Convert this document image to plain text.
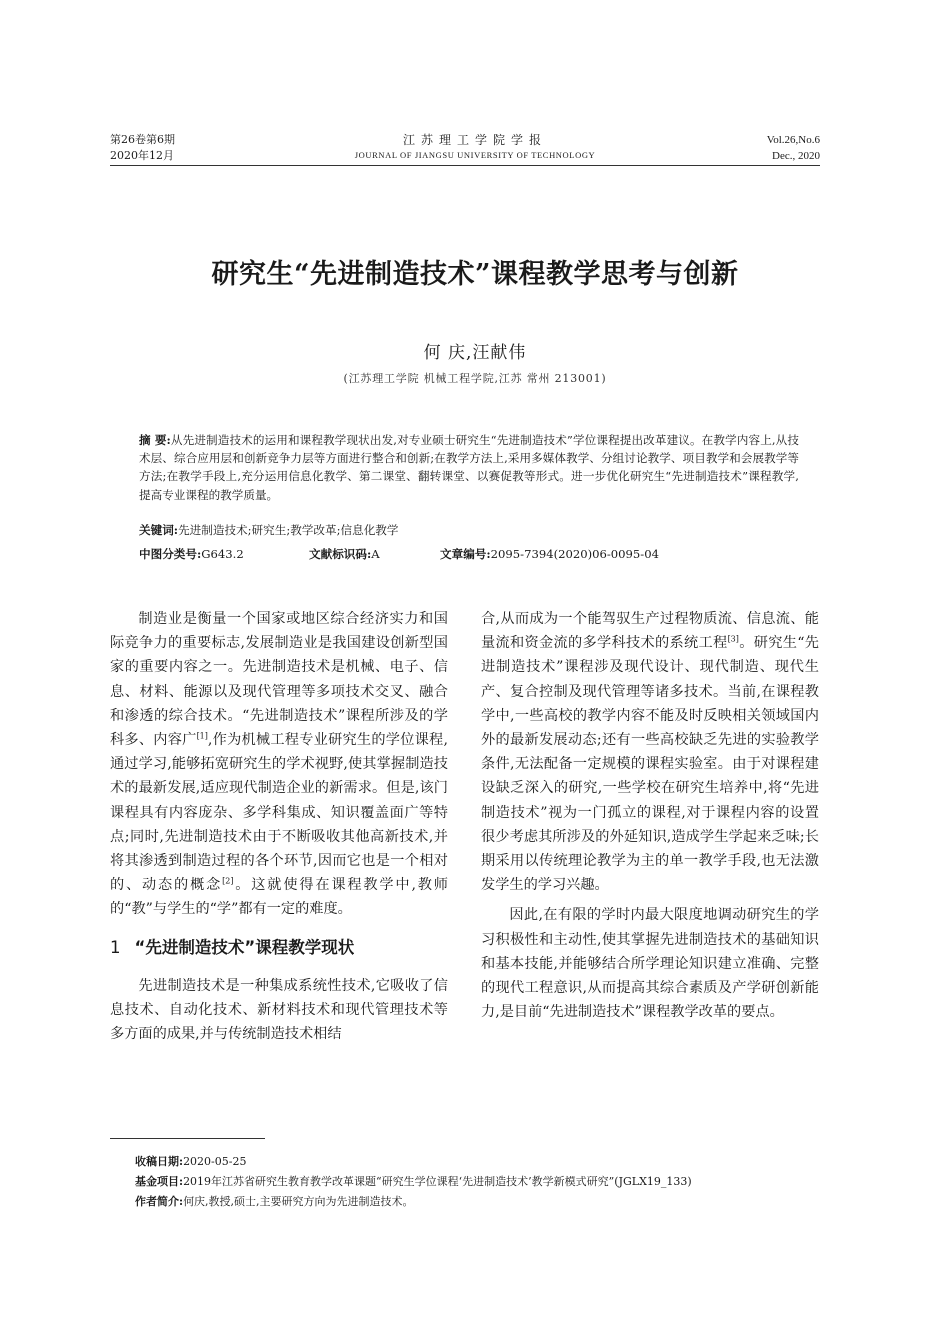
第26卷第6期
2020年12月
江苏理工学院学报
JOURNAL OF JIANGSU UNIVERSITY OF TECHNOLOGY
Vol.26,No.6
Dec., 2020
研究生“先进制造技术”课程教学思考与创新
何 庆,汪献伟
(江苏理工学院 机械工程学院,江苏 常州 213001)
摘 要:从先进制造技术的运用和课程教学现状出发,对专业硕士研究生“先进制造技术”学位课程提出改革建议。在教学内容上,从技术层、综合应用层和创新竞争力层等方面进行整合和创新;在教学方法上,采用多媒体教学、分组讨论教学、项目教学和会展教学等方法;在教学手段上,充分运用信息化教学、第二课堂、翻转课堂、以赛促教等形式。进一步优化研究生“先进制造技术”课程教学,提高专业课程的教学质量。
关键词:先进制造技术;研究生;教学改革;信息化教学
中图分类号:G643.2	文献标识码:A	文章编号:2095-7394(2020)06-0095-04

制造业是衡量一个国家或地区综合经济实力和国际竞争力的重要标志,发展制造业是我国建设创新型国家的重要内容之一。先进制造技术是机械、电子、信息、材料、能源以及现代管理等多项技术交叉、融合和渗透的综合技术。“先进制造技术”课程所涉及的学科多、内容广[1],作为机械工程专业研究生的学位课程,通过学习,能够拓宽研究生的学术视野,使其掌握制造技术的最新发展,适应现代制造企业的新需求。但是,该门课程具有内容庞杂、多学科集成、知识覆盖面广等特点;同时,先进制造技术由于不断吸收其他高新技术,并将其渗透到制造过程的各个环节,因而它也是一个相对的、动态的概念[2]。这就使得在课程教学中,教师的“教”与学生的“学”都有一定的难度。

1 “先进制造技术”课程教学现状

先进制造技术是一种集成系统性技术,它吸收了信息技术、自动化技术、新材料技术和现代管理技术等多方面的成果,并与传统制造技术相结

合,从而成为一个能驾驭生产过程物质流、信息流、能量流和资金流的多学科技术的系统工程[3]。研究生“先进制造技术”课程涉及现代设计、现代制造、现代生产、复合控制及现代管理等诸多技术。当前,在课程教学中,一些高校的教学内容不能及时反映相关领域国内外的最新发展动态;还有一些高校缺乏先进的实验教学条件,无法配备一定规模的课程实验室。由于对课程建设缺乏深入的研究,一些学校在研究生培养中,将“先进制造技术”视为一门孤立的课程,对于课程内容的设置很少考虑其所涉及的外延知识,造成学生学起来乏味;长期采用以传统理论教学为主的单一教学手段,也无法激发学生的学习兴趣。

因此,在有限的学时内最大限度地调动研究生的学习积极性和主动性,使其掌握先进制造技术的基础知识和基本技能,并能够结合所学理论知识建立准确、完整的现代工程意识,从而提高其综合素质及产学研创新能力,是目前“先进制造技术”课程教学改革的要点。

收稿日期:2020-05-25
基金项目:2019年江苏省研究生教育教学改革课题“研究生学位课程‘先进制造技术’教学新模式研究”(JGLX19_133)
作者简介:何庆,教授,硕士,主要研究方向为先进制造技术。
